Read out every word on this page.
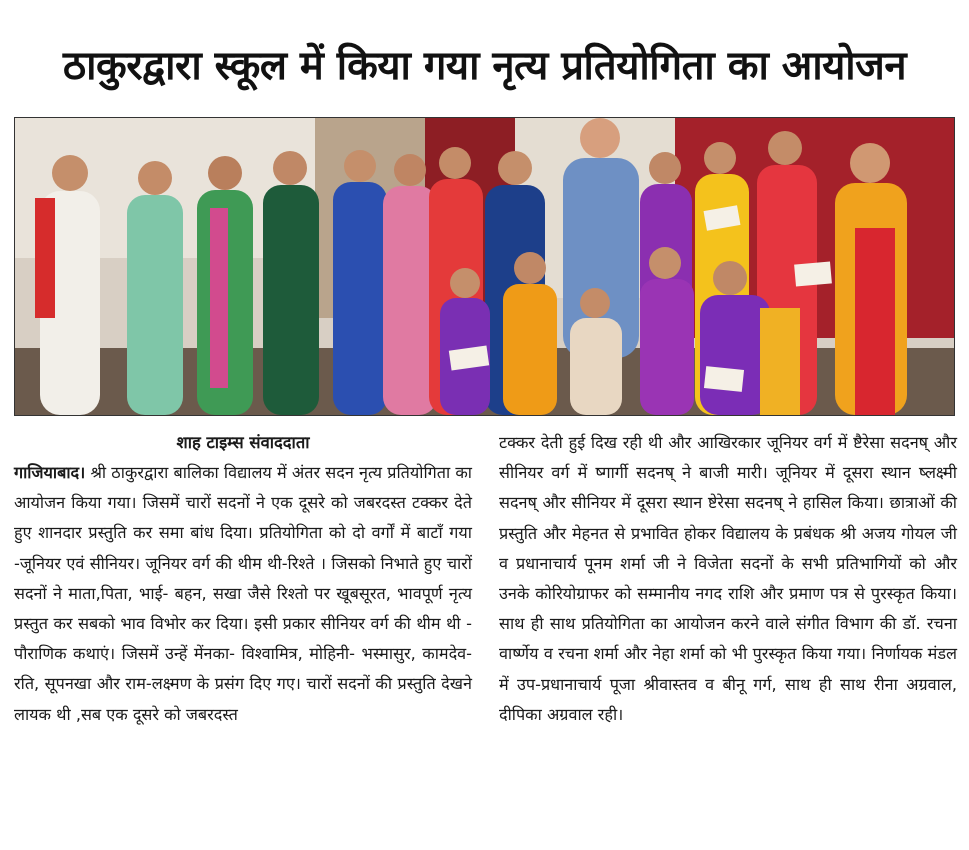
ठाकुरद्वारा स्कूल में किया गया नृत्य प्रतियोगिता का आयोजन
शाह टाइम्स संवाददाता
गाजियाबाद। श्री ठाकुरद्वारा बालिका विद्यालय में अंतर सदन नृत्य प्रतियोगिता का आयोजन किया गया। जिसमें चारों सदनों ने एक दूसरे को जबरदस्त टक्कर देते हुए शानदार प्रस्तुति कर समा बांध दिया। प्रतियोगिता को दो वर्गों में बाटाँ गया -जूनियर एवं सीनियर। जूनियर वर्ग की थीम थी-रिश्ते । जिसको निभाते हुए चारों सदनों ने माता,पिता, भाई- बहन, सखा जैसे रिश्तो पर खूबसूरत, भावपूर्ण नृत्य प्रस्तुत कर सबको भाव विभोर कर दिया। इसी प्रकार सीनियर वर्ग की थीम थी - पौराणिक कथाएं। जिसमें उन्हें मेंनका- विश्वामित्र, मोहिनी- भस्मासुर, कामदेव- रति, सूपनखा और राम-लक्ष्मण के प्रसंग दिए गए। चारों सदनों की प्रस्तुति देखने लायक थी ,सब एक दूसरे को जबरदस्त
टक्कर देती हुई दिख रही थी और आखिरकार जूनियर वर्ग में ष्टैरेसा सदनष् और सीनियर वर्ग में ष्गार्गी सदनष् ने बाजी मारी। जूनियर में दूसरा स्थान ष्लक्ष्मी सदनष् और सीनियर में दूसरा स्थान ष्टेरेसा सदनष् ने हासिल किया। छात्राओं की प्रस्तुति और मेहनत से प्रभावित होकर विद्यालय के प्रबंधक श्री अजय गोयल जी व प्रधानाचार्य पूनम शर्मा जी ने विजेता सदनों के सभी प्रतिभागियों को और उनके कोरियोग्राफर को सम्मानीय नगद राशि और प्रमाण पत्र से पुरस्कृत किया। साथ ही साथ प्रतियोगिता का आयोजन करने वाले संगीत विभाग की डॉ. रचना वार्ष्णेय व रचना शर्मा और नेहा शर्मा को भी पुरस्कृत किया गया। निर्णायक मंडल में उप-प्रधानाचार्य पूजा श्रीवास्तव व बीनू गर्ग, साथ ही साथ रीना अग्रवाल, दीपिका अग्रवाल रही।
